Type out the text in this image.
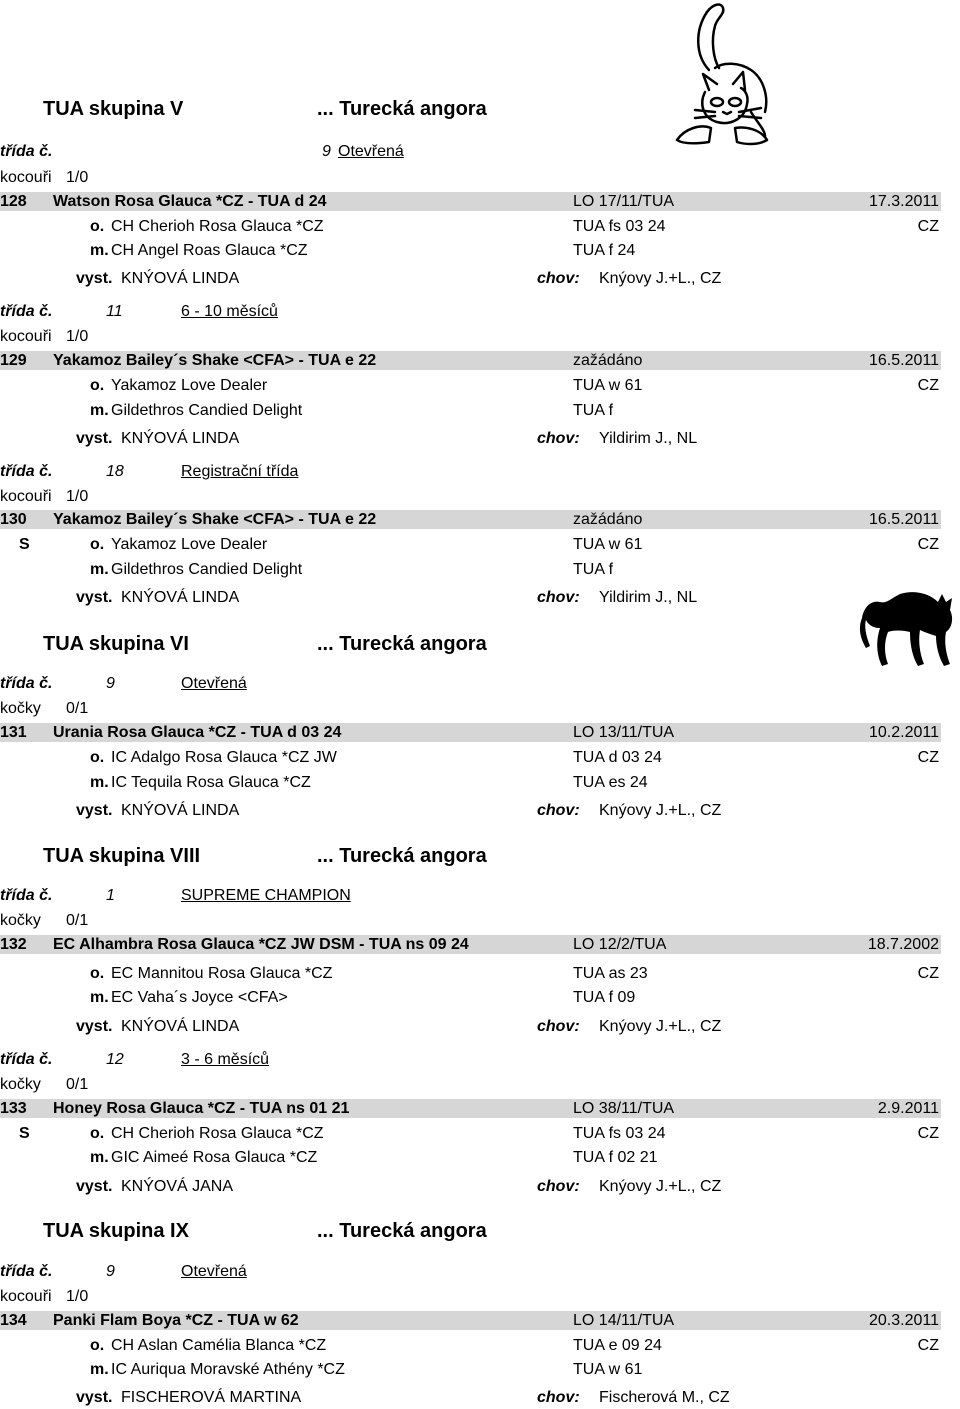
TUA skupina V	... Turecká angora
třída č.	9 Otevřená
kocouři 1/0
128 Watson Rosa Glauca *CZ - TUA d 24	LO 17/11/TUA	17.3.2011
o. CH Cherioh Rosa Glauca *CZ	TUA fs 03 24	CZ
m. CH Angel Roas Glauca *CZ	TUA f 24
vyst. KNÝOVÁ LINDA	chov: Knýovy J.+L., CZ
třída č.	11	6 - 10 měsíců
kocouři 1/0
129 Yakamoz Bailey´s Shake <CFA> - TUA e 22	zažádáno	16.5.2011
o. Yakamoz Love Dealer	TUA w 61	CZ
m. Gildethros Candied Delight	TUA f
vyst. KNÝOVÁ LINDA	chov: Yildirim J., NL
třída č.	18	Registrační třída
kocouři 1/0
130 Yakamoz Bailey´s Shake <CFA> - TUA e 22	zažádáno	16.5.2011
S	o. Yakamoz Love Dealer	TUA w 61	CZ
m. Gildethros Candied Delight	TUA f
vyst. KNÝOVÁ LINDA	chov: Yildirim J., NL
TUA skupina VI	... Turecká angora
třída č.	9	Otevřená
kočky 0/1
131 Urania Rosa Glauca *CZ - TUA d 03 24	LO 13/11/TUA	10.2.2011
o. IC Adalgo Rosa Glauca *CZ JW	TUA d 03 24	CZ
m. IC Tequila Rosa Glauca *CZ	TUA es 24
vyst. KNÝOVÁ LINDA	chov: Knýovy J.+L., CZ
TUA skupina VIII	... Turecká angora
třída č.	1	SUPREME CHAMPION
kočky 0/1
132 EC Alhambra Rosa Glauca *CZ JW DSM - TUA ns 09 24	LO 12/2/TUA	18.7.2002
o. EC Mannitou Rosa Glauca *CZ	TUA as 23	CZ
m. EC Vaha´s Joyce <CFA>	TUA f 09
vyst. KNÝOVÁ LINDA	chov: Knýovy J.+L., CZ
třída č.	12	3 - 6 měsíců
kočky 0/1
133 Honey Rosa Glauca *CZ - TUA ns 01 21	LO 38/11/TUA	2.9.2011
S	o. CH Cherioh Rosa Glauca *CZ	TUA fs 03 24	CZ
m. GIC Aimeé Rosa Glauca *CZ	TUA f 02 21
vyst. KNÝOVÁ JANA	chov: Knýovy J.+L., CZ
TUA skupina IX	... Turecká angora
třída č.	9	Otevřená
kocouři 1/0
134 Panki Flam Boya *CZ - TUA w 62	LO 14/11/TUA	20.3.2011
o. CH Aslan Camélia Blanca *CZ	TUA e 09 24	CZ
m. IC Auriqua Moravské Athény *CZ	TUA w 61
vyst. FISCHEROVÁ MARTINA	chov: Fischerová M., CZ
